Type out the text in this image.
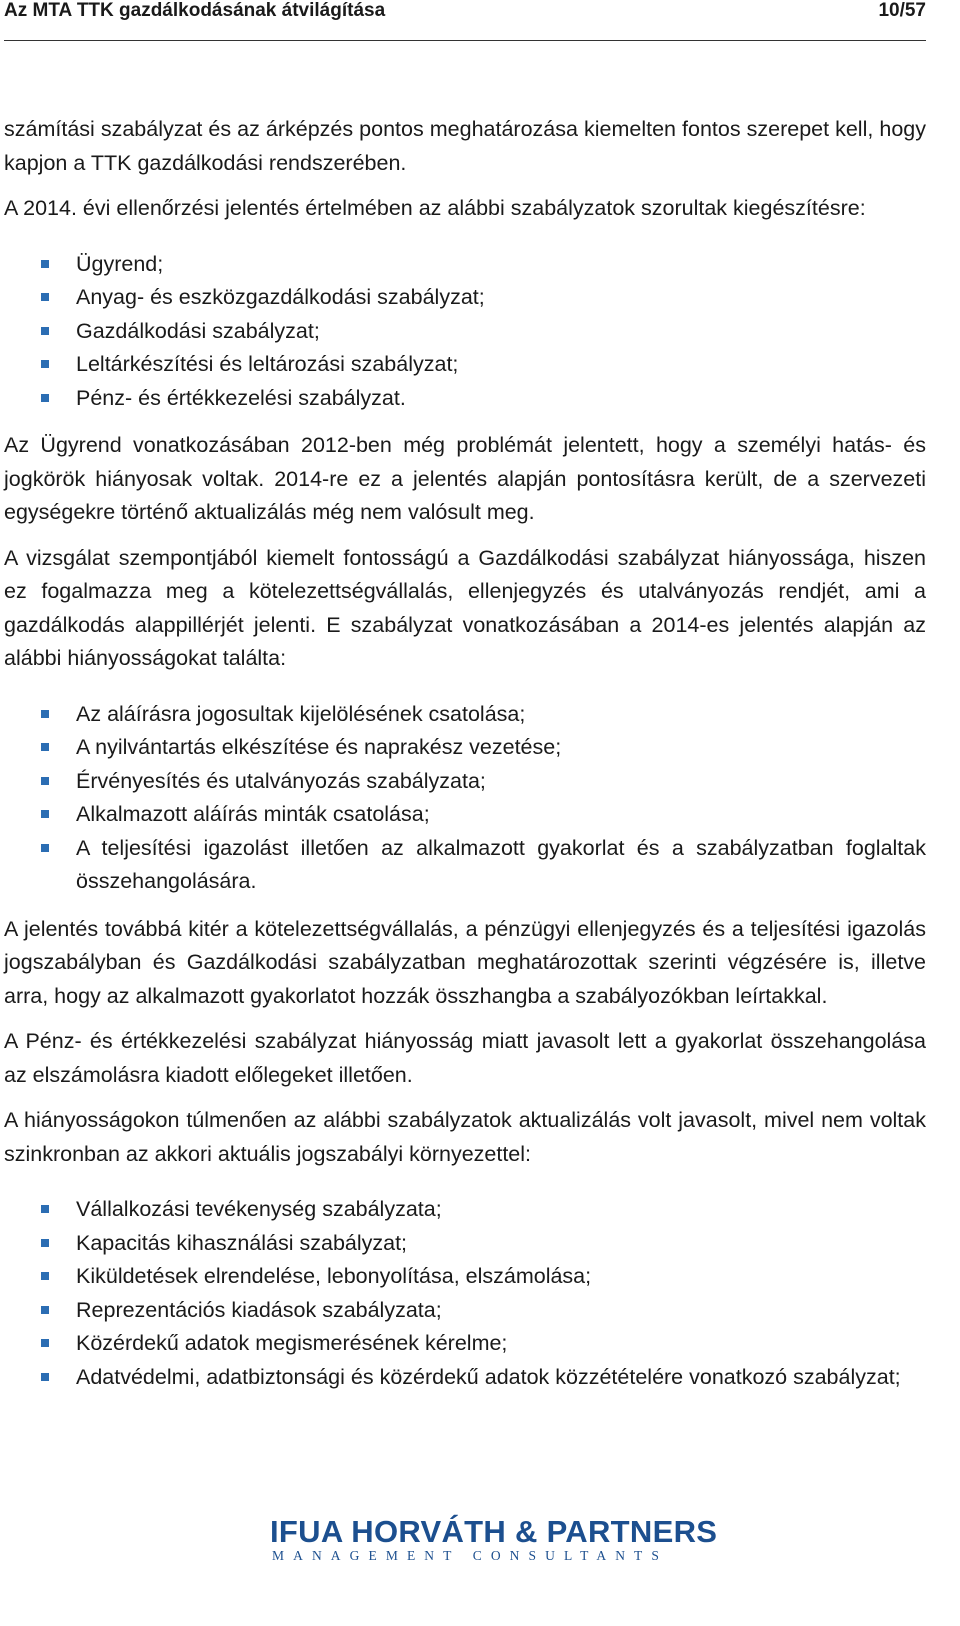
Az MTA TTK gazdálkodásának átvilágítása	10/57

számítási szabályzat és az árképzés pontos meghatározása kiemelten fontos szerepet kell, hogy kapjon a TTK gazdálkodási rendszerében.

A 2014. évi ellenőrzési jelentés értelmében az alábbi szabályzatok szorultak kiegészítésre:

Ügyrend;
Anyag- és eszközgazdálkodási szabályzat;
Gazdálkodási szabályzat;
Leltárkészítési és leltározási szabályzat;
Pénz- és értékkezelési szabályzat.

Az Ügyrend vonatkozásában 2012-ben még problémát jelentett, hogy a személyi hatás- és jogkörök hiányosak voltak. 2014-re ez a jelentés alapján pontosításra került, de a szervezeti egységekre történő aktualizálás még nem valósult meg.

A vizsgálat szempontjából kiemelt fontosságú a Gazdálkodási szabályzat hiányossága, hiszen ez fogalmazza meg a kötelezettségvállalás, ellenjegyzés és utalványozás rendjét, ami a gazdálkodás alappillérjét jelenti. E szabályzat vonatkozásában a 2014-es jelentés alapján az alábbi hiányosságokat találta:

Az aláírásra jogosultak kijelölésének csatolása;
A nyilvántartás elkészítése és naprakész vezetése;
Érvényesítés és utalványozás szabályzata;
Alkalmazott aláírás minták csatolása;
A teljesítési igazolást illetően az alkalmazott gyakorlat és a szabályzatban foglaltak összehangolására.

A jelentés továbbá kitér a kötelezettségvállalás, a pénzügyi ellenjegyzés és a teljesítési igazolás jogszabályban és Gazdálkodási szabályzatban meghatározottak szerinti végzésére is, illetve arra, hogy az alkalmazott gyakorlatot hozzák összhangba a szabályozókban leírtakkal.

A Pénz- és értékkezelési szabályzat hiányosság miatt javasolt lett a gyakorlat összehangolása az elszámolásra kiadott előlegeket illetően.

A hiányosságokon túlmenően az alábbi szabályzatok aktualizálás volt javasolt, mivel nem voltak szinkronban az akkori aktuális jogszabályi környezettel:

Vállalkozási tevékenység szabályzata;
Kapacitás kihasználási szabályzat;
Kiküldetések elrendelése, lebonyolítása, elszámolása;
Reprezentációs kiadások szabályzata;
Közérdekű adatok megismerésének kérelme;
Adatvédelmi, adatbiztonsági és közérdekű adatok közzétételére vonatkozó szabályzat;
IFUA HORVÁTH & PARTNERS
MANAGEMENT CONSULTANTS
